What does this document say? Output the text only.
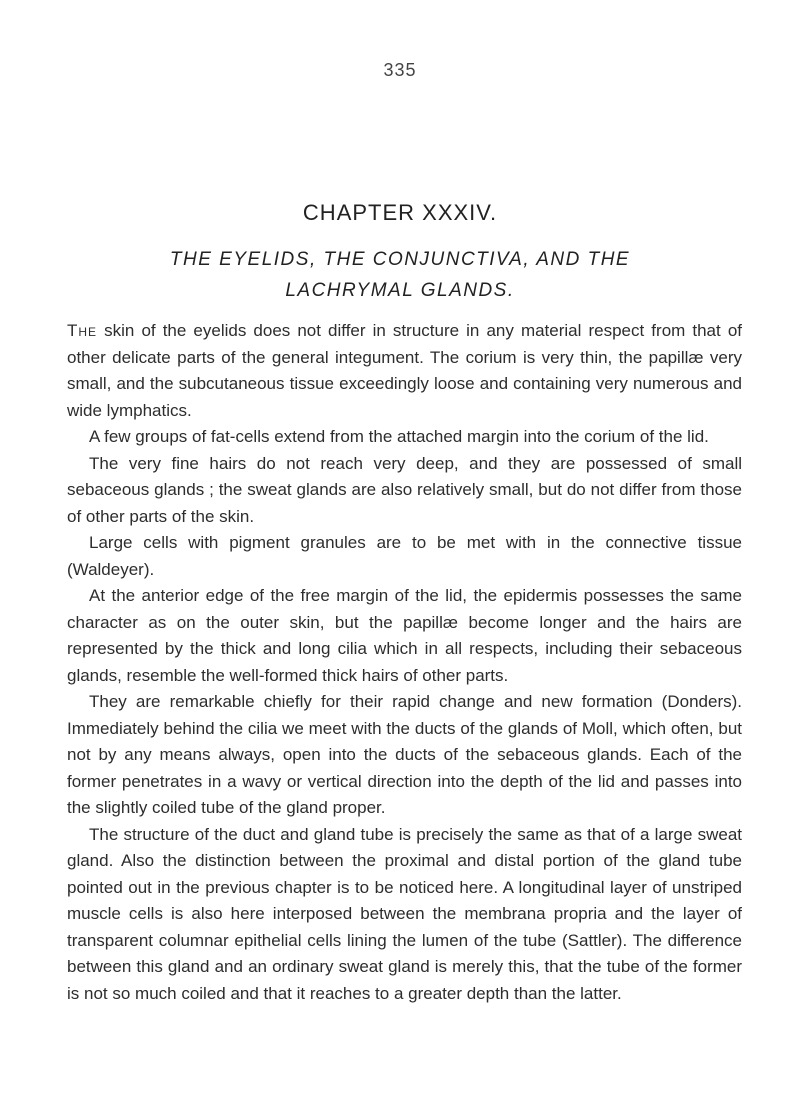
335
CHAPTER XXXIV.
THE EYELIDS, THE CONJUNCTIVA, AND THE LACHRYMAL GLANDS.

The skin of the eyelids does not differ in structure in any material respect from that of other delicate parts of the general integument. The corium is very thin, the papillæ very small, and the subcutaneous tissue exceedingly loose and containing very numerous and wide lymphatics.

A few groups of fat-cells extend from the attached margin into the corium of the lid.

The very fine hairs do not reach very deep, and they are possessed of small sebaceous glands ; the sweat glands are also relatively small, but do not differ from those of other parts of the skin.

Large cells with pigment granules are to be met with in the connective tissue (Waldeyer).

At the anterior edge of the free margin of the lid, the epidermis possesses the same character as on the outer skin, but the papillæ become longer and the hairs are represented by the thick and long cilia which in all respects, including their sebaceous glands, resemble the well-formed thick hairs of other parts.

They are remarkable chiefly for their rapid change and new formation (Donders). Immediately behind the cilia we meet with the ducts of the glands of Moll, which often, but not by any means always, open into the ducts of the sebaceous glands. Each of the former penetrates in a wavy or vertical direction into the depth of the lid and passes into the slightly coiled tube of the gland proper.

The structure of the duct and gland tube is precisely the same as that of a large sweat gland. Also the distinction between the proximal and distal portion of the gland tube pointed out in the previous chapter is to be noticed here. A longitudinal layer of unstriped muscle cells is also here interposed between the membrana propria and the layer of transparent columnar epithelial cells lining the lumen of the tube (Sattler). The difference between this gland and an ordinary sweat gland is merely this, that the tube of the former is not so much coiled and that it reaches to a greater depth than the latter.
